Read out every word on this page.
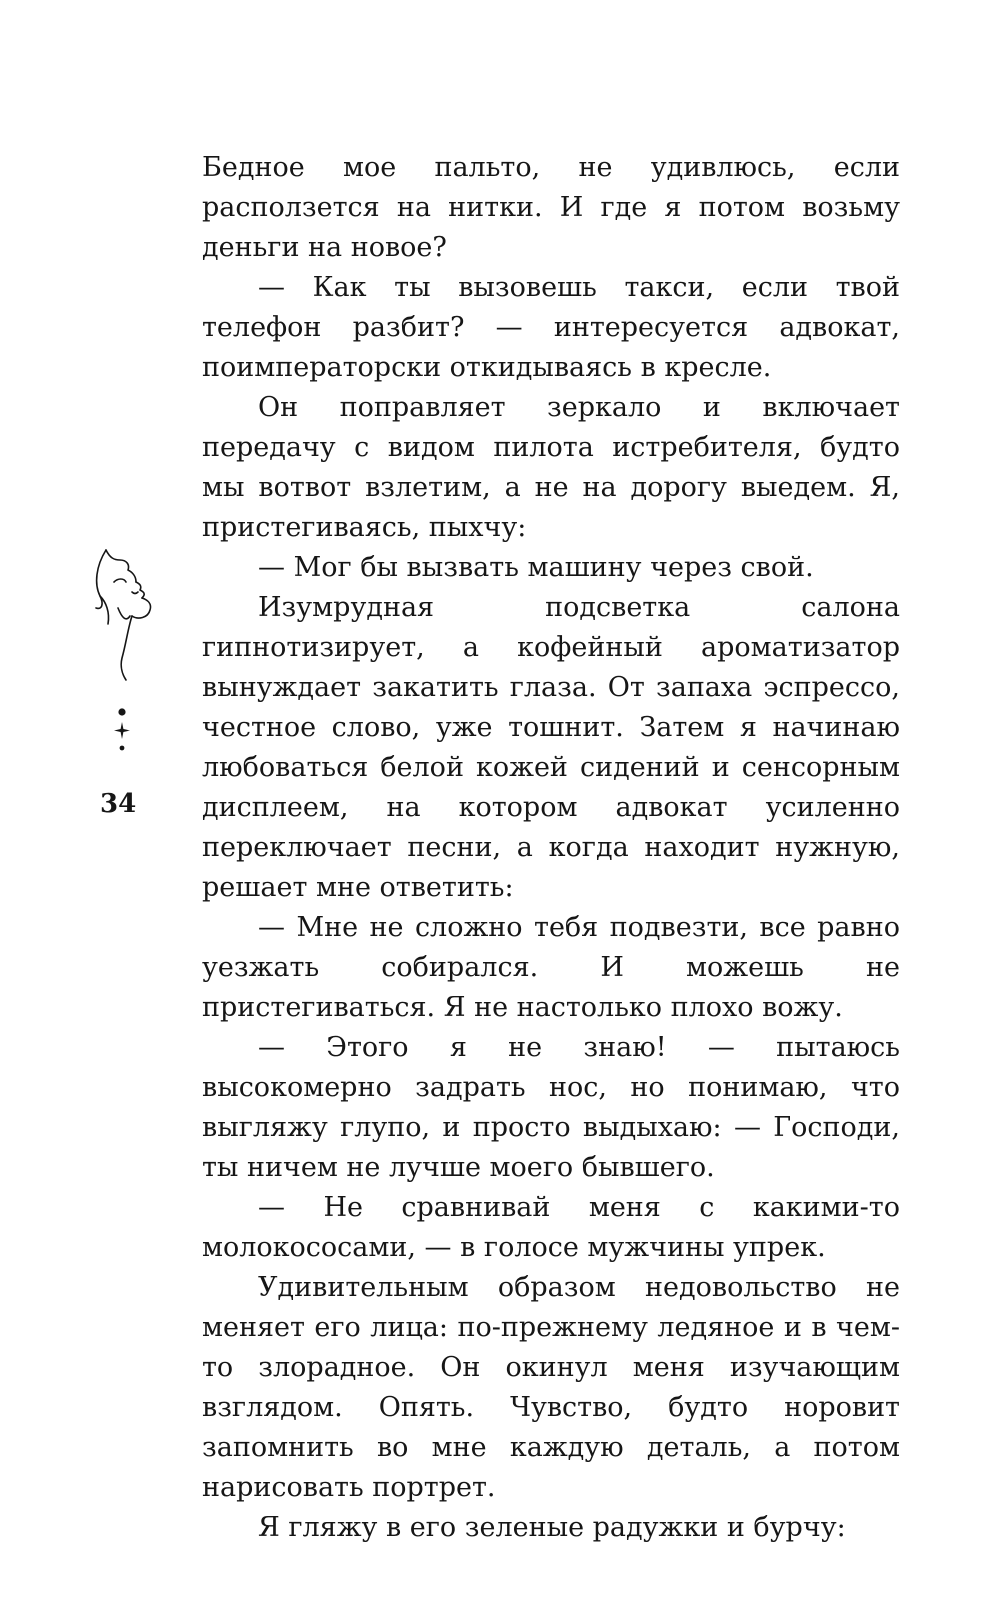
Бедное мое пальто, не удивлюсь, если расползется на нитки. И где я потом возьму деньги на новое?

— Как ты вызовешь такси, если твой телефон разбит? — интересуется адвокат, поимператорски откидываясь в кресле.

Он поправляет зеркало и включает передачу с видом пилота истребителя, будто мы вотвот взлетим, а не на дорогу выедем. Я, пристегиваясь, пыхчу:

— Мог бы вызвать машину через свой.

Изумрудная подсветка салона гипнотизирует, а кофейный ароматизатор вынуждает закатить глаза. От запаха эспрессо, честное слово, уже тошнит. Затем я начинаю любоваться белой кожей сидений и сенсорным дисплеем, на котором адвокат усиленно переключает песни, а когда находит нужную, решает мне ответить:

— Мне не сложно тебя подвезти, все равно уезжать собирался. И можешь не пристегиваться. Я не настолько плохо вожу.

— Этого я не знаю! — пытаюсь высокомерно задрать нос, но понимаю, что выгляжу глупо, и просто выдыхаю: — Господи, ты ничем не лучше моего бывшего.

— Не сравнивай меня с какими-то молокососами, — в голосе мужчины упрек.

Удивительным образом недовольство не меняет его лица: по-прежнему ледяное и в чем-то злорадное. Он окинул меня изучающим взглядом. Опять. Чувство, будто норовит запомнить во мне каждую деталь, а потом нарисовать портрет.

Я гляжу в его зеленые радужки и бурчу:

34
